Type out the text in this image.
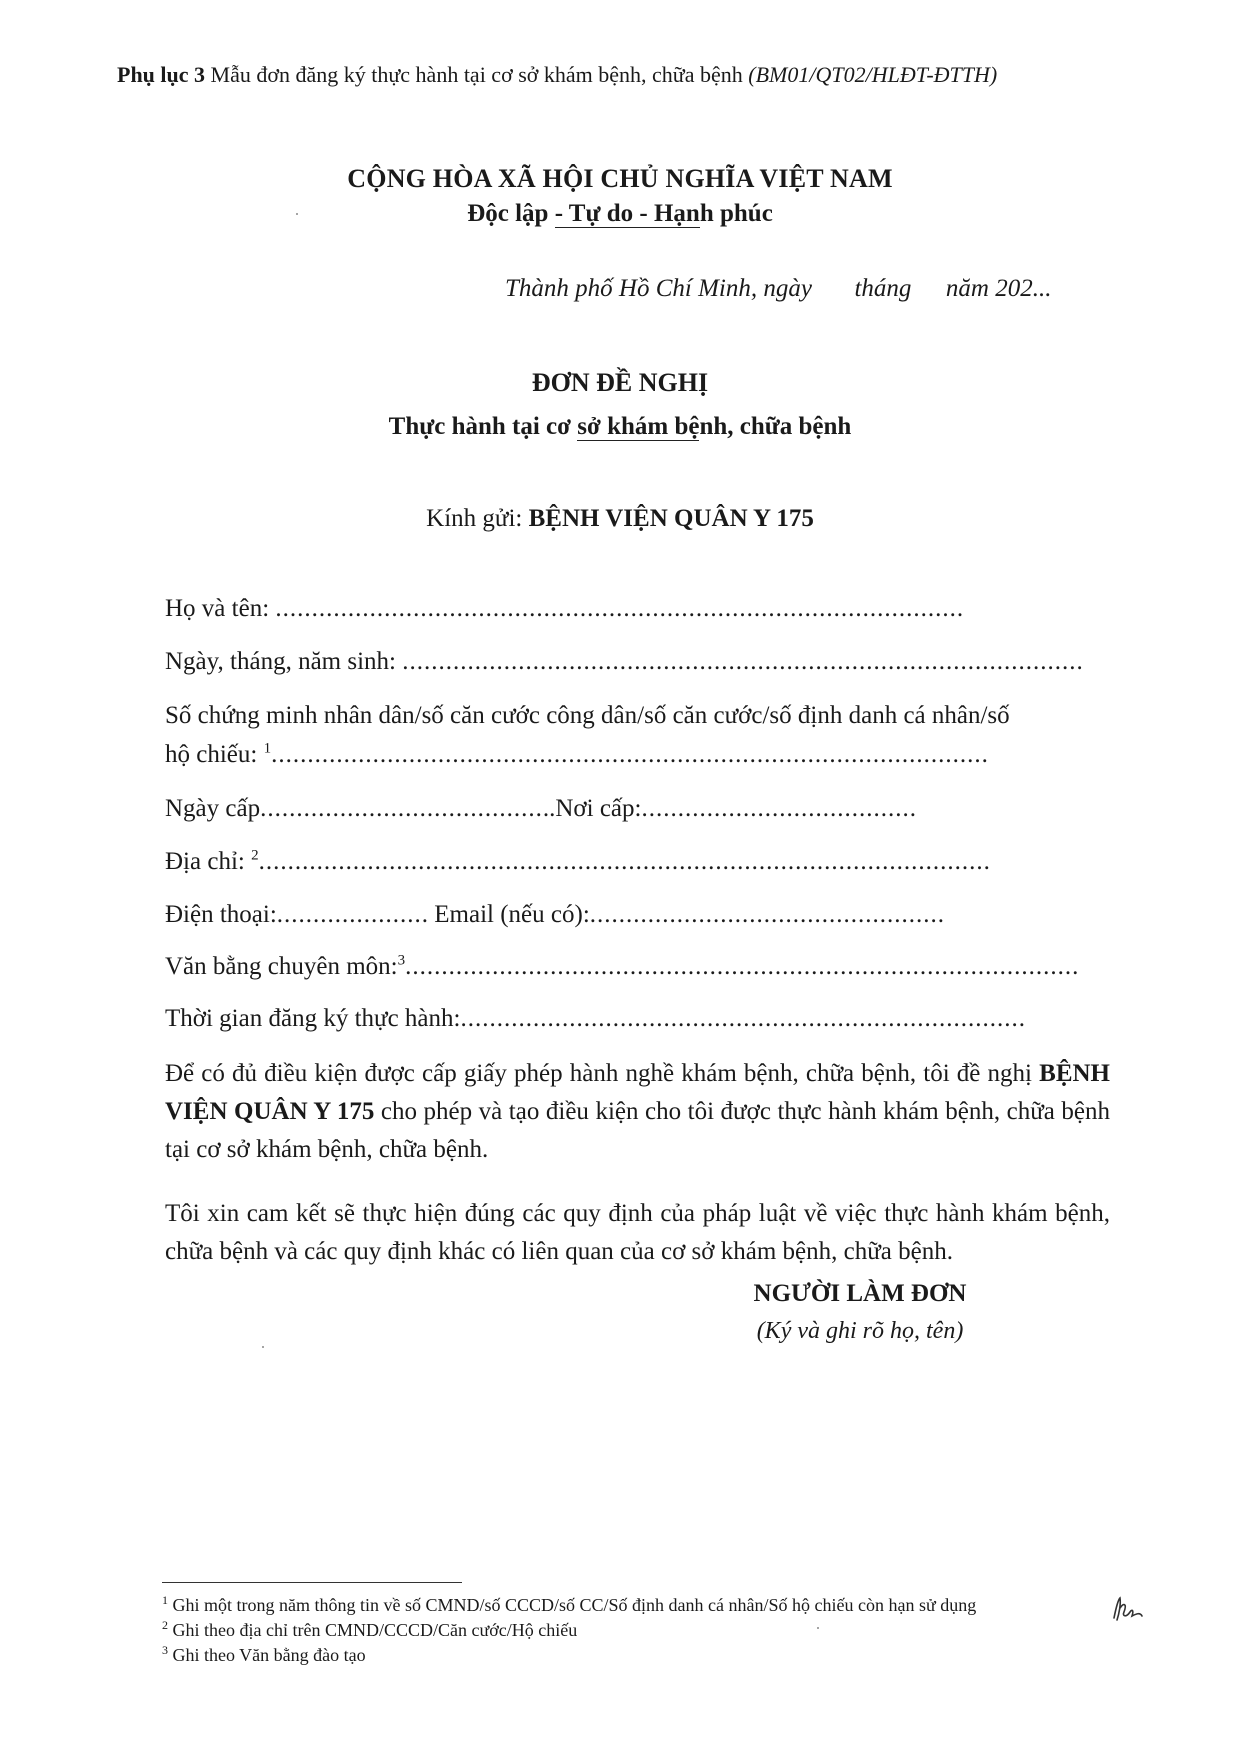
Phụ lục 3 Mẫu đơn đăng ký thực hành tại cơ sở khám bệnh, chữa bệnh (BM01/QT02/HLĐT-ĐTTH)
CỘNG HÒA XÃ HỘI CHỦ NGHĨA VIỆT NAM
Độc lập - Tự do - Hạnh phúc
Thành phố Hồ Chí Minh, ngày tháng năm 202...
ĐƠN ĐỀ NGHỊ
Thực hành tại cơ sở khám bệnh, chữa bệnh
Kính gửi: BỆNH VIỆN QUÂN Y 175
Họ và tên: ...............................................................................................
Ngày, tháng, năm sinh: ..............................................................................................
Số chứng minh nhân dân/số căn cước công dân/số căn cước/số định danh cá nhân/số
hộ chiếu: $^1$...................................................................................................
Ngày cấp.........................................Nơi cấp:......................................
Địa chỉ: $^2$.....................................................................................................
Điện thoại:..................... Email (nếu có):.................................................
Văn bằng chuyên môn:$^3$.............................................................................................
Thời gian đăng ký thực hành:..............................................................................
Để có đủ điều kiện được cấp giấy phép hành nghề khám bệnh, chữa bệnh, tôi đề nghị BỆNH VIỆN QUÂN Y 175 cho phép và tạo điều kiện cho tôi được thực hành khám bệnh, chữa bệnh tại cơ sở khám bệnh, chữa bệnh.
Tôi xin cam kết sẽ thực hiện đúng các quy định của pháp luật về việc thực hành khám bệnh, chữa bệnh và các quy định khác có liên quan của cơ sở khám bệnh, chữa bệnh.
NGƯỜI LÀM ĐƠN
(Ký và ghi rõ họ, tên)
$^1$ Ghi một trong năm thông tin về số CMND/số CCCD/số CC/Số định danh cá nhân/Số hộ chiếu còn hạn sử dụng
$^2$ Ghi theo địa chỉ trên CMND/CCCD/Căn cước/Hộ chiếu
$^3$ Ghi theo Văn bằng đào tạo
